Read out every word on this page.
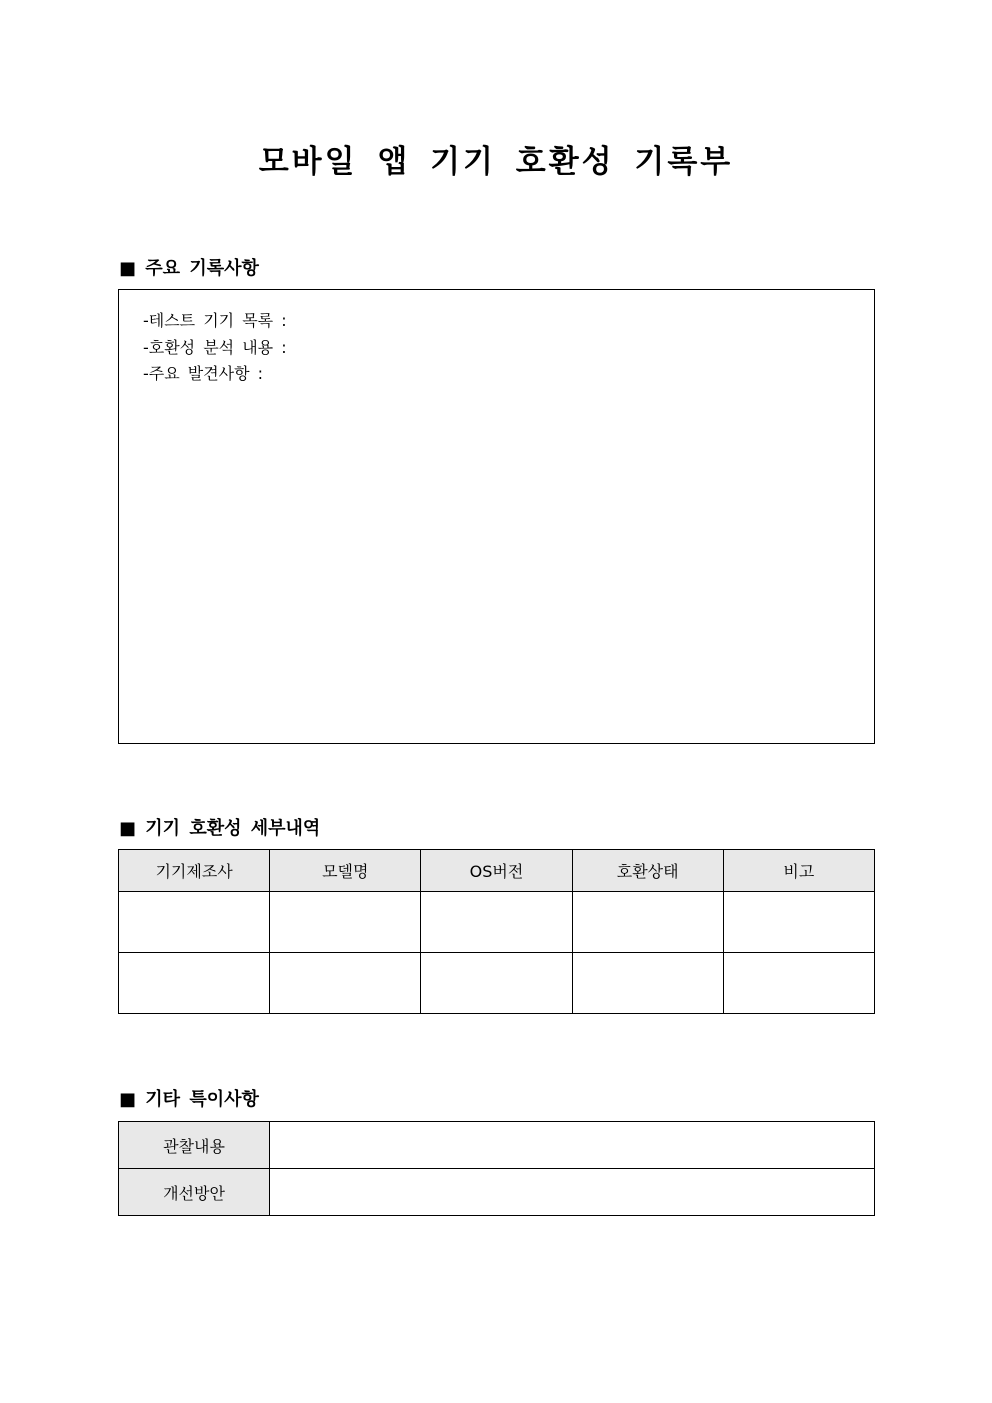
모바일 앱 기기 호환성 기록부
■ 주요 기록사항
-테스트 기기 목록 :
-호환성 분석 내용 :
-주요 발견사항 :
■ 기기 호환성 세부내역
기기제조사	모델명	OS버전	호환상태	비고

■ 기타 특이사항
관찰내용	
개선방안	
